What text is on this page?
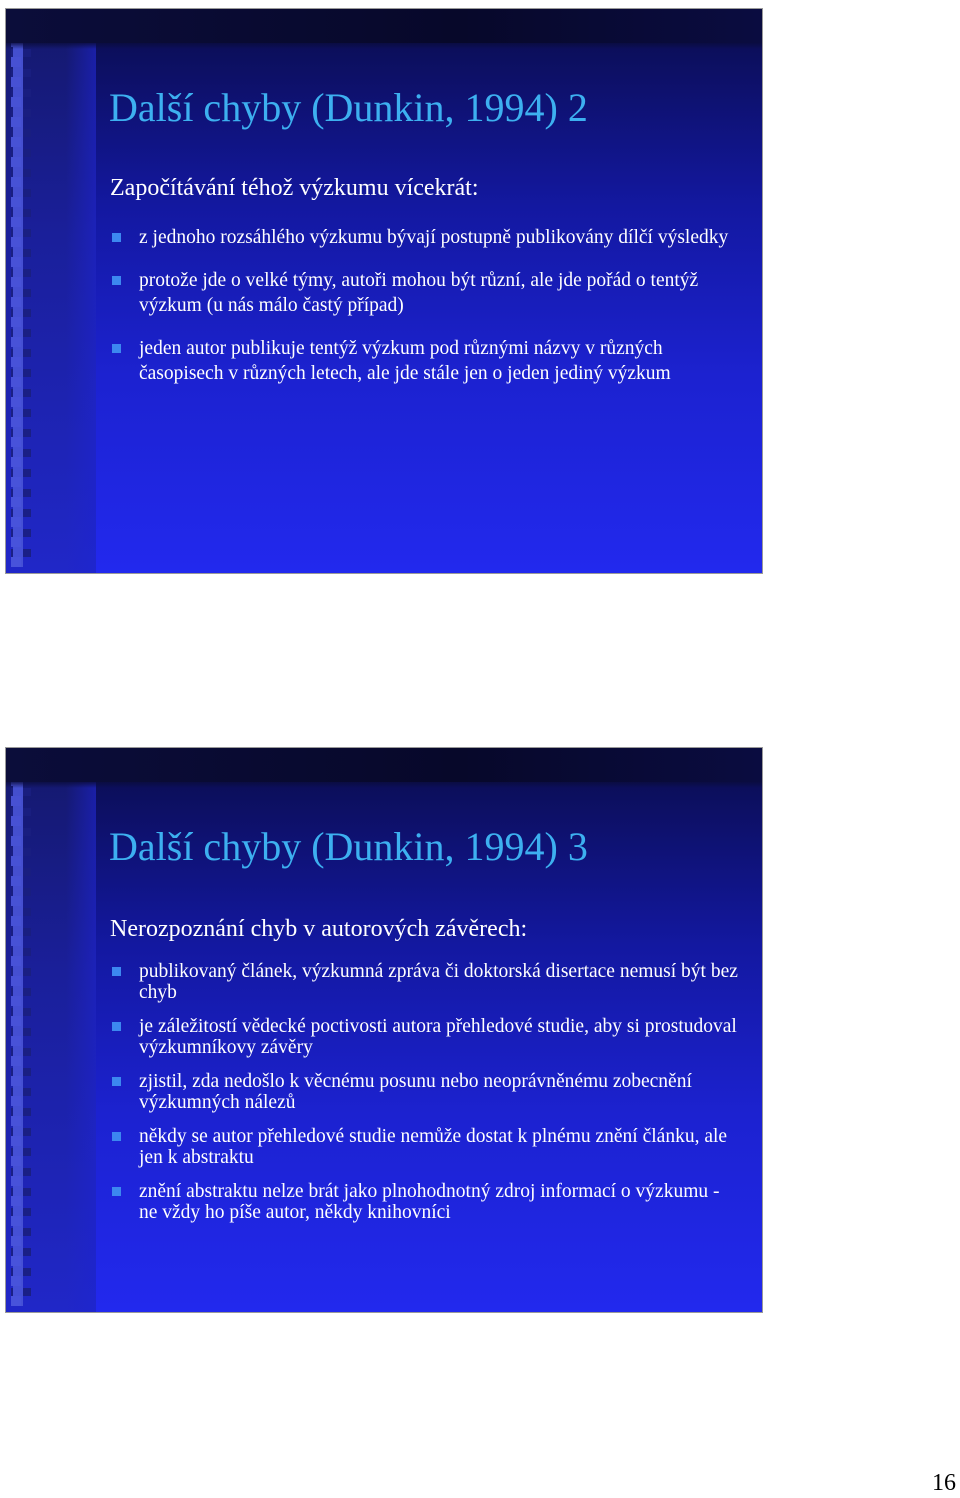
Další chyby (Dunkin, 1994) 2

Započítávání téhož výzkumu vícekrát:

z jednoho rozsáhlého výzkumu bývají postupně publikovány dílčí výsledky
protože jde o velké týmy, autoři mohou být různí, ale jde pořád o tentýž výzkum (u nás málo častý případ)
jeden autor publikuje tentýž výzkum pod různými názvy v různých časopisech v různých letech, ale jde stále jen o jeden jediný výzkum
Další chyby (Dunkin, 1994) 3

Nerozpoznání chyb v autorových závěrech:

publikovaný článek, výzkumná zpráva či doktorská disertace nemusí být bez chyb
je záležitostí vědecké poctivosti autora přehledové studie, aby si prostudoval výzkumníkovy závěry
zjistil, zda nedošlo k věcnému posunu nebo neoprávněnému zobecnění výzkumných nálezů
někdy se autor přehledové studie nemůže dostat k plnému znění článku, ale jen k abstraktu
znění abstraktu nelze brát jako plnohodnotný zdroj informací o výzkumu - ne vždy ho píše autor, někdy knihovníci
16
